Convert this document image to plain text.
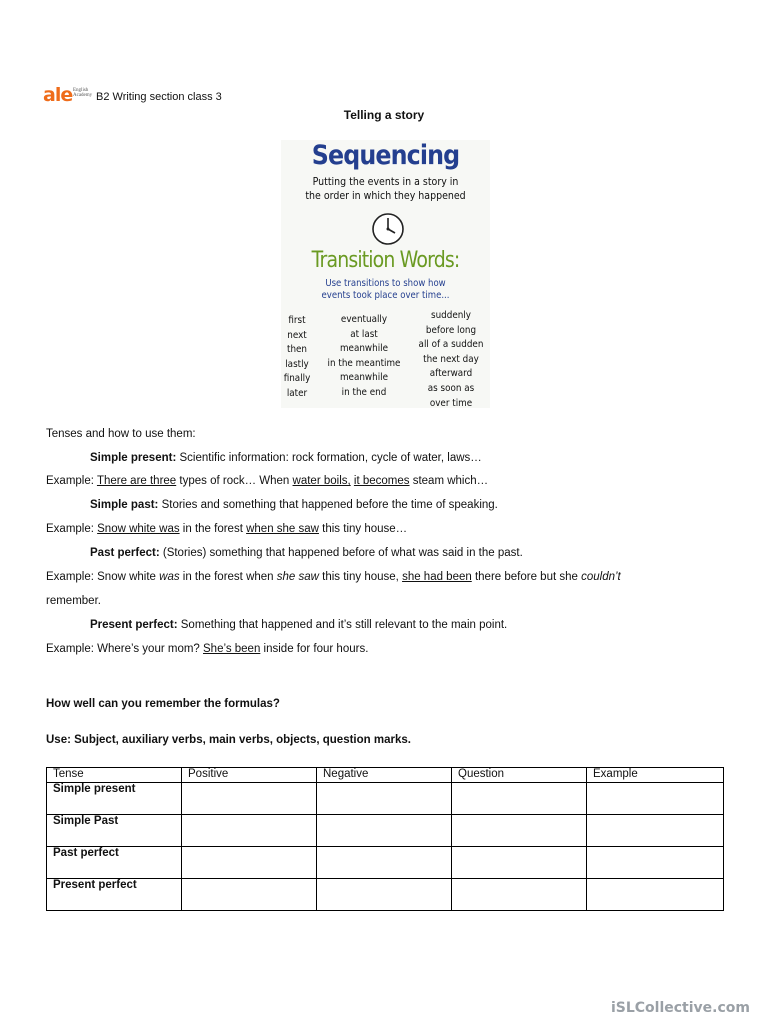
ale English
Academy B2 Writing section class 3
Telling a story
Sequencing
Putting the events in a story in
the order in which they happened
Transition Words:
Use transitions to show how
events took place over time...
first
next
then
lastly
finally
later
eventually
at last
meanwhile
in the meantime
meanwhile
in the end
suddenly
before long
all of a sudden
the next day
afterward
as soon as
over time
Tenses and how to use them:
Simple present: Scientific information: rock formation, cycle of water, laws…
Example: There are three types of rock… When water boils, it becomes steam which…
Simple past: Stories and something that happened before the time of speaking.
Example: Snow white was in the forest when she saw this tiny house…
Past perfect: (Stories) something that happened before of what was said in the past.
Example: Snow white was in the forest when she saw this tiny house, she had been there before but she couldn’t
remember.
Present perfect: Something that happened and it’s still relevant to the main point.
Example: Where’s your mom? She’s been inside for four hours.
How well can you remember the formulas?
Use: Subject, auxiliary verbs, main verbs, objects, question marks.
Tense	Positive	Negative	Question	Example
Simple present				
Simple Past				
Past perfect				
Present perfect				
iSLCollective.com
